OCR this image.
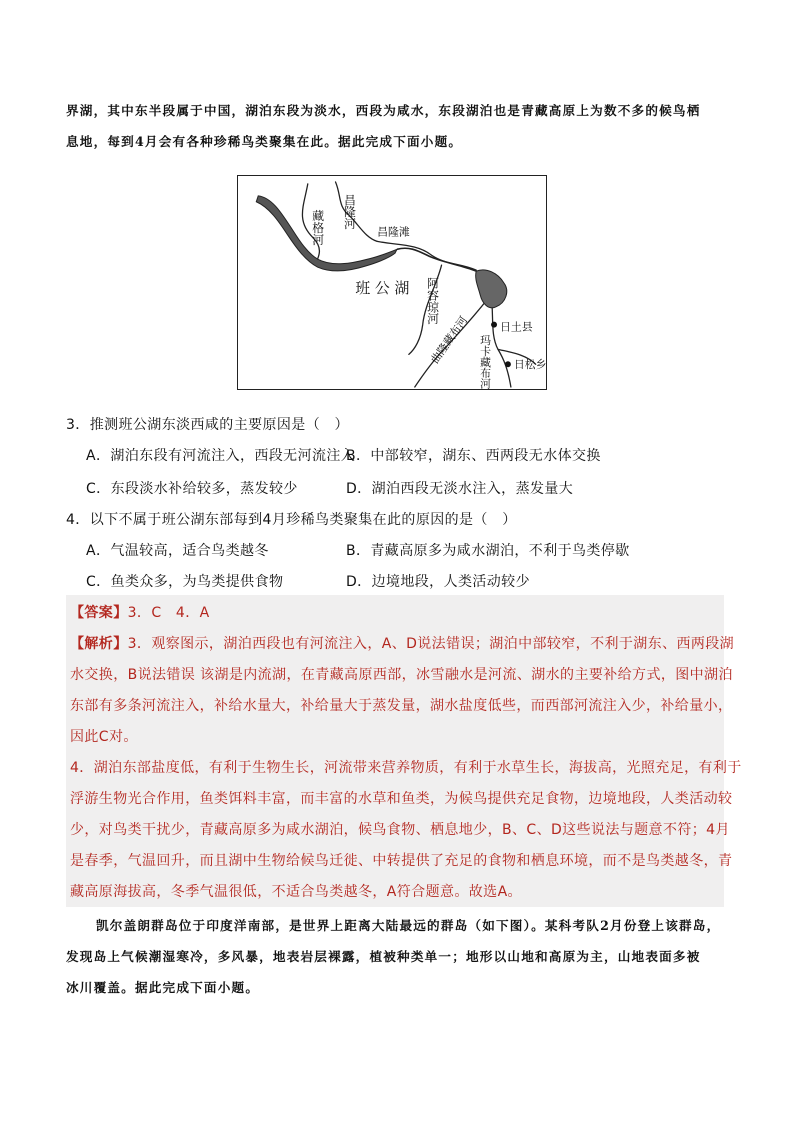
界湖，其中东半段属于中国，湖泊东段为淡水，西段为咸水，东段湖泊也是青藏高原上为数不多的候鸟栖
息地，每到4月会有各种珍稀鸟类聚集在此。据此完成下面小题。
藏格河 昌隆河
昌隆滩
班 公 湖 阿容琼河
日土县
曲隆藏布河 玛卡藏布河 日松乡
3．推测班公湖东淡西咸的主要原因是（　）
A．湖泊东段有河流注入，西段无河流注入
B．中部较窄，湖东、西两段无水体交换
C．东段淡水补给较多，蒸发较少	D．湖泊西段无淡水注入，蒸发量大
4．以下不属于班公湖东部每到4月珍稀鸟类聚集在此的原因的是（　）
A．气温较高，适合鸟类越冬	B．青藏高原多为咸水湖泊，不利于鸟类停歇
C．鱼类众多，为鸟类提供食物	D．边境地段，人类活动较少
【答案】3．C　4．A
【解析】3．观察图示，湖泊西段也有河流注入，A、D说法错误；湖泊中部较窄，不利于湖东、西两段湖
水交换，B说法错误 该湖是内流湖，在青藏高原西部，冰雪融水是河流、湖水的主要补给方式，图中湖泊
东部有多条河流注入，补给水量大，补给量大于蒸发量，湖水盐度低些，而西部河流注入少，补给量小，
因此C对。
4．湖泊东部盐度低，有利于生物生长，河流带来营养物质，有利于水草生长，海拔高，光照充足，有利于
浮游生物光合作用，鱼类饵料丰富，而丰富的水草和鱼类，为候鸟提供充足食物，边境地段，人类活动较
少，对鸟类干扰少，青藏高原多为咸水湖泊，候鸟食物、栖息地少，B、C、D这些说法与题意不符；4月
是春季，气温回升，而且湖中生物给候鸟迁徙、中转提供了充足的食物和栖息环境，而不是鸟类越冬，青
藏高原海拔高，冬季气温很低，不适合鸟类越冬，A符合题意。故选A。
凯尔盖朗群岛位于印度洋南部，是世界上距离大陆最远的群岛（如下图）。某科考队2月份登上该群岛，
发现岛上气候潮湿寒冷，多风暴，地表岩层裸露，植被种类单一；地形以山地和高原为主，山地表面多被
冰川覆盖。据此完成下面小题。
